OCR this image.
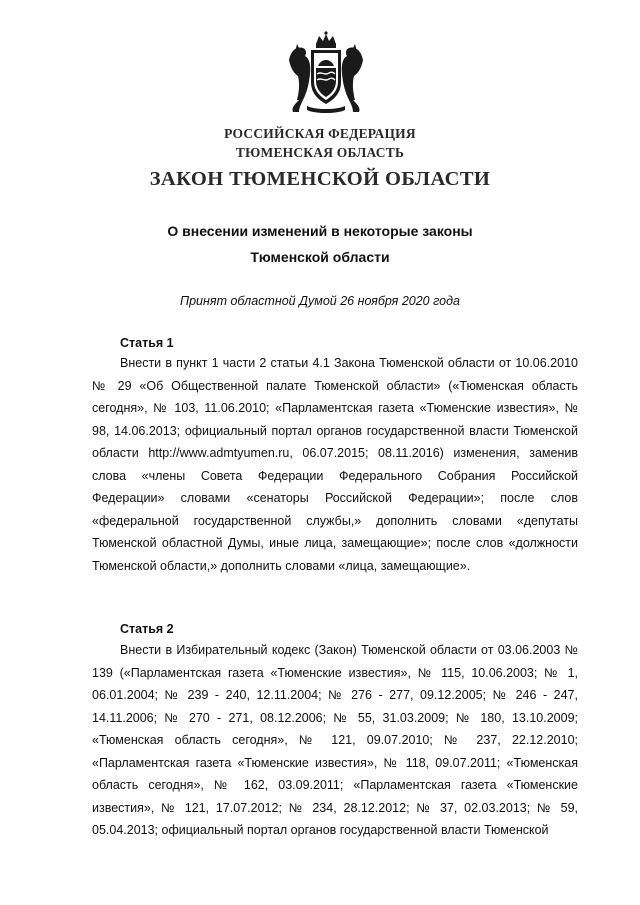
РОССИЙСКАЯ ФЕДЕРАЦИЯ
ТЮМЕНСКАЯ ОБЛАСТЬ
ЗАКОН ТЮМЕНСКОЙ ОБЛАСТИ
О внесении изменений в некоторые законы
Тюменской области
Принят областной Думой 26 ноября 2020 года
Статья 1

Внести в пункт 1 части 2 статьи 4.1 Закона Тюменской области от 10.06.2010 № 29 «Об Общественной палате Тюменской области» («Тюменская область сегодня», № 103, 11.06.2010; «Парламентская газета «Тюменские известия», № 98, 14.06.2013; официальный портал органов государственной власти Тюменской области http://www.admtyumen.ru, 06.07.2015; 08.11.2016) изменения, заменив слова «члены Совета Федерации Федерального Собрания Российской Федерации» словами «сенаторы Российской Федерации»; после слов «федеральной государственной службы,» дополнить словами «депутаты Тюменской областной Думы, иные лица, замещающие»; после слов «должности Тюменской области,» дополнить словами «лица, замещающие».

Статья 2

Внести в Избирательный кодекс (Закон) Тюменской области от 03.06.2003 № 139 («Парламентская газета «Тюменские известия», № 115, 10.06.2003; № 1, 06.01.2004; № 239 - 240, 12.11.2004; № 276 - 277, 09.12.2005; № 246 - 247, 14.11.2006; № 270 - 271, 08.12.2006; № 55, 31.03.2009; № 180, 13.10.2009; «Тюменская область сегодня», № 121, 09.07.2010; № 237, 22.12.2010; «Парламентская газета «Тюменские известия», № 118, 09.07.2011; «Тюменская область сегодня», № 162, 03.09.2011; «Парламентская газета «Тюменские известия», № 121, 17.07.2012; № 234, 28.12.2012; № 37, 02.03.2013; № 59, 05.04.2013; официальный портал органов государственной власти Тюменской
